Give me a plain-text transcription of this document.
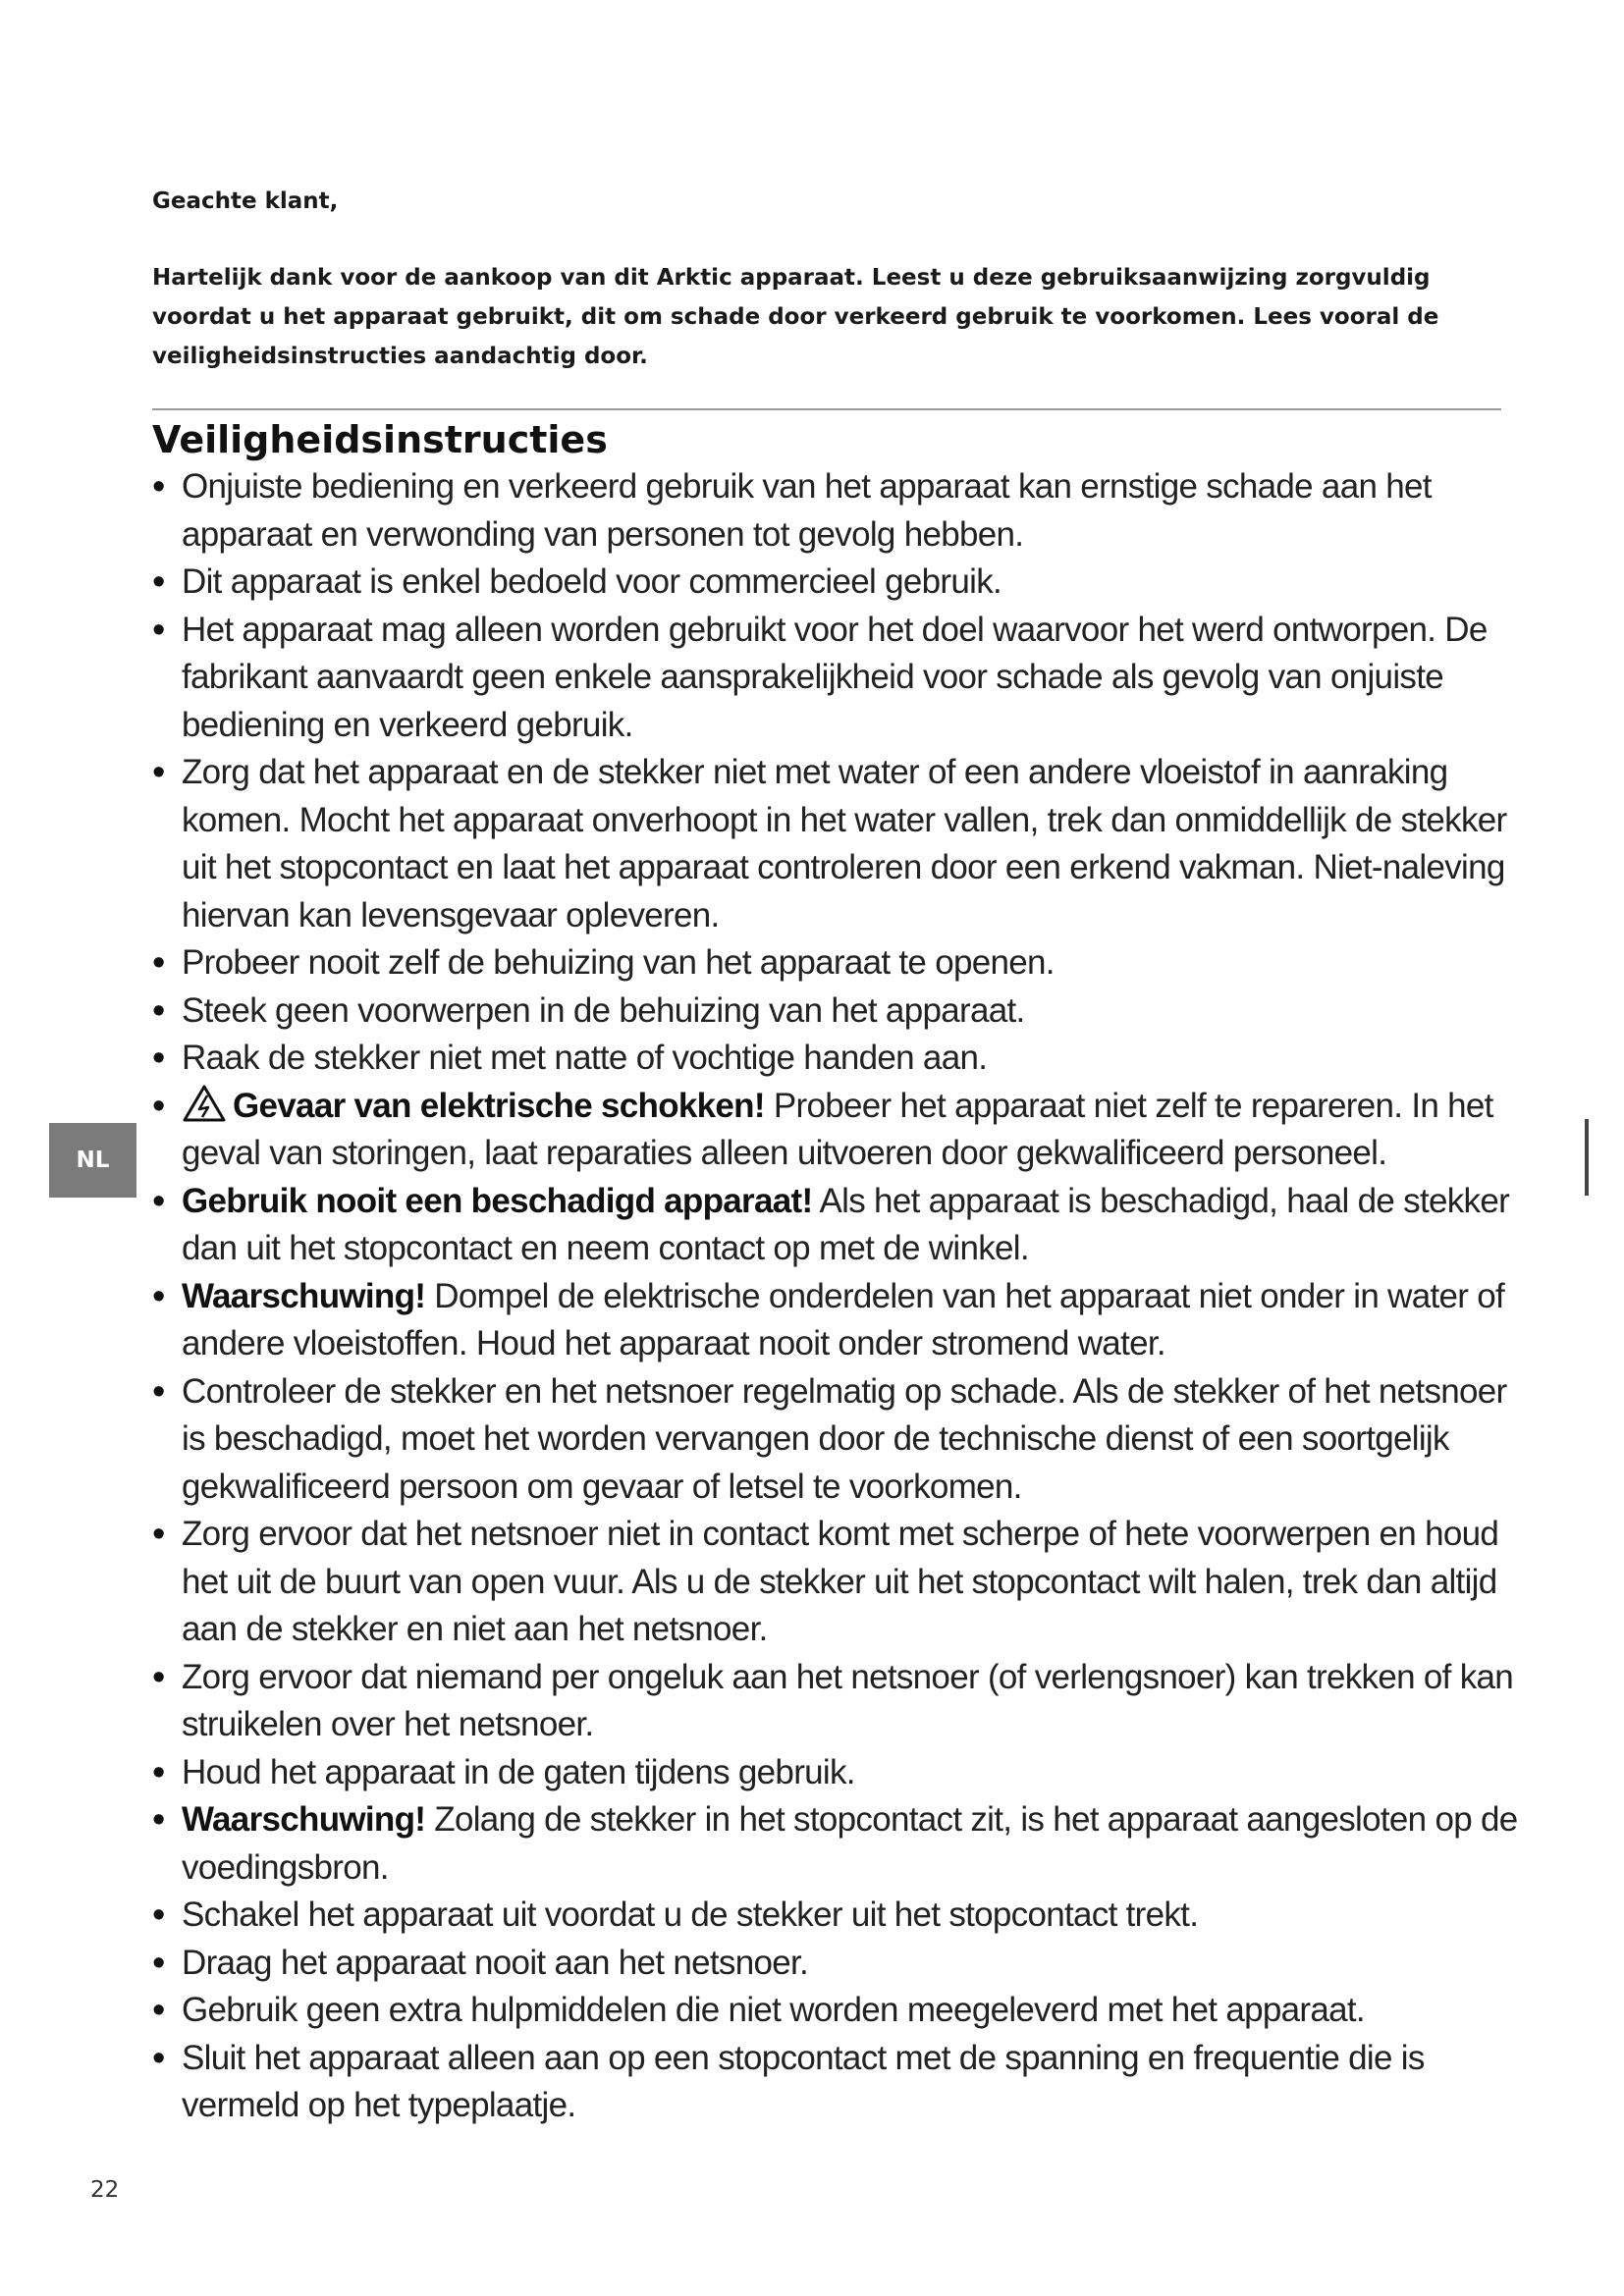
Geachte klant,
Hartelijk dank voor de aankoop van dit Arktic apparaat. Leest u deze gebruiksaanwijzing zorgvuldig voordat u het apparaat gebruikt, dit om schade door verkeerd gebruik te voorkomen. Lees vooral de veiligheidsinstructies aandachtig door.
Veiligheidsinstructies
• Onjuiste bediening en verkeerd gebruik van het apparaat kan ernstige schade aan het apparaat en verwonding van personen tot gevolg hebben.
• Dit apparaat is enkel bedoeld voor commercieel gebruik.
• Het apparaat mag alleen worden gebruikt voor het doel waarvoor het werd ontworpen. De fabrikant aanvaardt geen enkele aansprakelijkheid voor schade als gevolg van onjuiste bediening en verkeerd gebruik.
• Zorg dat het apparaat en de stekker niet met water of een andere vloeistof in aanraking komen. Mocht het apparaat onverhoopt in het water vallen, trek dan onmiddellijk de stekker uit het stopcontact en laat het apparaat controleren door een erkend vakman. Niet-naleving hiervan kan levensgevaar opleveren.
• Probeer nooit zelf de behuizing van het apparaat te openen.
• Steek geen voorwerpen in de behuizing van het apparaat.
• Raak de stekker niet met natte of vochtige handen aan.
• Gevaar van elektrische schokken! Probeer het apparaat niet zelf te repareren. In het geval van storingen, laat reparaties alleen uitvoeren door gekwalificeerd personeel.
• Gebruik nooit een beschadigd apparaat! Als het apparaat is beschadigd, haal de stekker dan uit het stopcontact en neem contact op met de winkel.
• Waarschuwing! Dompel de elektrische onderdelen van het apparaat niet onder in water of andere vloeistoffen. Houd het apparaat nooit onder stromend water.
• Controleer de stekker en het netsnoer regelmatig op schade. Als de stekker of het netsnoer is beschadigd, moet het worden vervangen door de technische dienst of een soortgelijk gekwalificeerd persoon om gevaar of letsel te voorkomen.
• Zorg ervoor dat het netsnoer niet in contact komt met scherpe of hete voorwerpen en houd het uit de buurt van open vuur. Als u de stekker uit het stopcontact wilt halen, trek dan altijd aan de stekker en niet aan het netsnoer.
• Zorg ervoor dat niemand per ongeluk aan het netsnoer (of verlengsnoer) kan trekken of kan struikelen over het netsnoer.
• Houd het apparaat in de gaten tijdens gebruik.
• Waarschuwing! Zolang de stekker in het stopcontact zit, is het apparaat aangesloten op de voedingsbron.
• Schakel het apparaat uit voordat u de stekker uit het stopcontact trekt.
• Draag het apparaat nooit aan het netsnoer.
• Gebruik geen extra hulpmiddelen die niet worden meegeleverd met het apparaat.
• Sluit het apparaat alleen aan op een stopcontact met de spanning en frequentie die is vermeld op het typeplaatje.
NL
22
